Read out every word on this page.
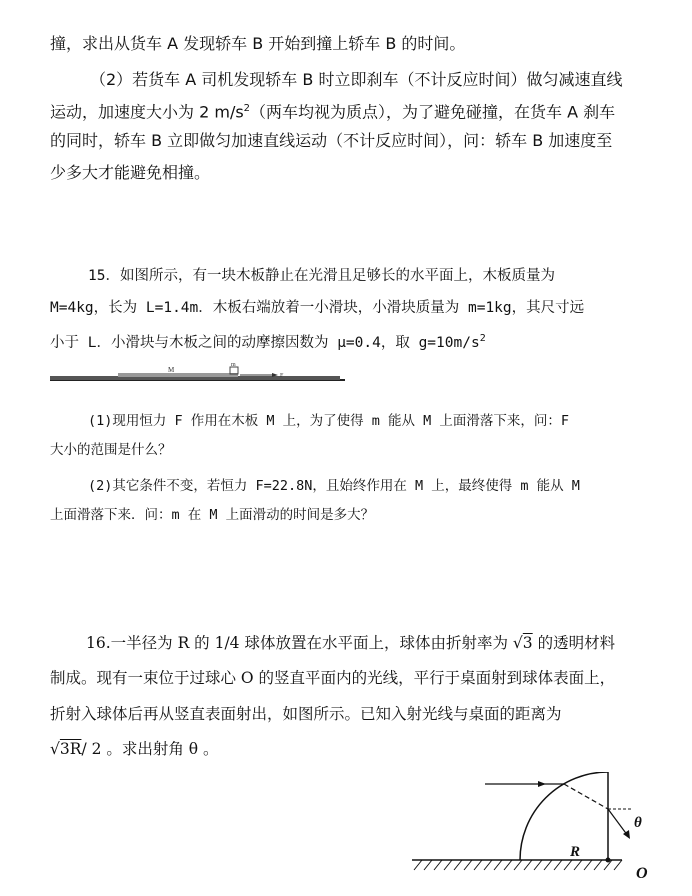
撞，求出从货车 A 发现轿车 B 开始到撞上轿车 B 的时间。
（2）若货车 A 司机发现轿车 B 时立即刹车（不计反应时间）做匀减速直线
运动，加速度大小为 2 $m/s^2$（两车均视为质点），为了避免碰撞，在货车 A 刹车
的同时，轿车 B 立即做匀加速直线运动（不计反应时间），问：轿车 B 加速度至
少多大才能避免相撞。
15．如图所示，有一块木板静止在光滑且足够长的水平面上，木板质量为
M=4kg，长为 L=1.4m．木板右端放着一小滑块，小滑块质量为 m=1kg，其尺寸远
小于 L．小滑块与木板之间的动摩擦因数为 μ=0.4，取 $g=10m/s^2$
M
m
F
(1)现用恒力 F 作用在木板 M 上，为了使得 m 能从 M 上面滑落下来，问：F
大小的范围是什么？
(2)其它条件不变，若恒力 F=22.8N，且始终作用在 M 上，最终使得 m 能从 M
上面滑落下来．问：m 在 M 上面滑动的时间是多大？
16.一半径为 R 的 1/4 球体放置在水平面上，球体由折射率为 √3 的透明材料
制成。现有一束位于过球心 O 的竖直平面内的光线，平行于桌面射到球体表面上，
折射入球体后再从竖直表面射出，如图所示。已知入射光线与桌面的距离为
√3R/ 2 。求出射角 θ 。
θ
R
O
